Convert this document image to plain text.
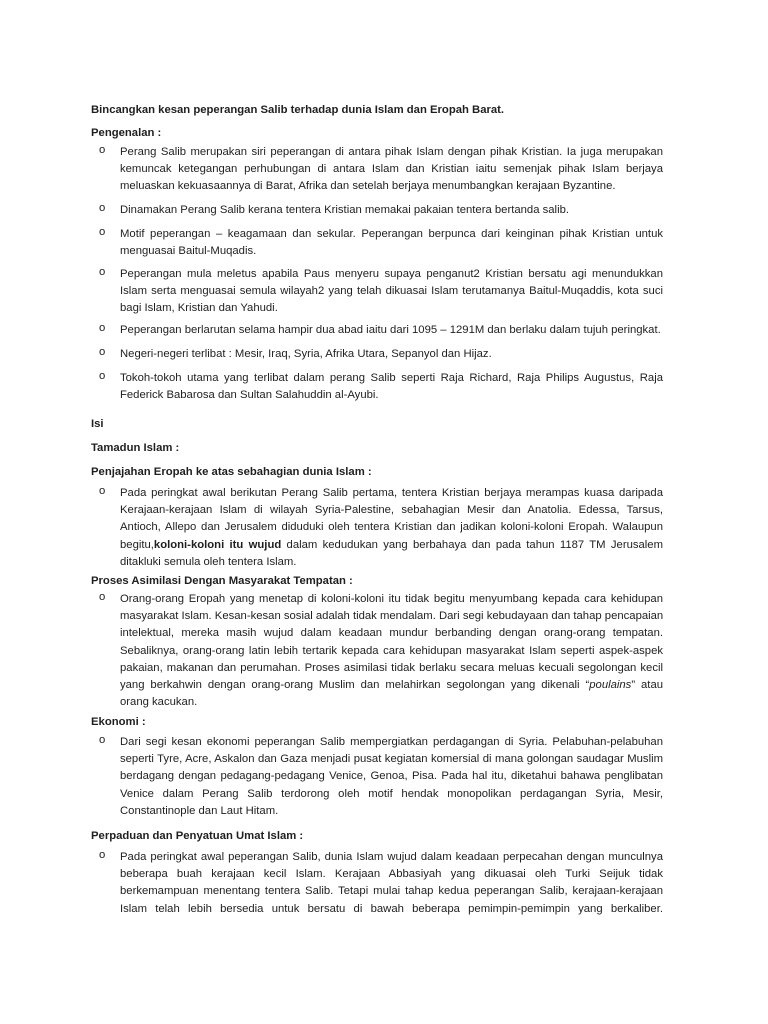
Bincangkan kesan peperangan Salib terhadap dunia Islam dan Eropah Barat.
Pengenalan :
o Perang Salib merupakan siri peperangan di antara pihak Islam dengan pihak Kristian. Ia juga merupakan
kemuncak ketegangan perhubungan di antara Islam dan Kristian iaitu semenjak pihak Islam berjaya
meluaskan kekuasaannya di Barat, Afrika dan setelah berjaya menumbangkan kerajaan Byzantine.
o Dinamakan Perang Salib kerana tentera Kristian memakai pakaian tentera bertanda salib.
o Motif peperangan – keagamaan dan sekular. Peperangan berpunca dari keinginan pihak Kristian untuk
menguasai Baitul-Muqadis.
o Peperangan mula meletus apabila Paus menyeru supaya penganut2 Kristian bersatu agi menundukkan
Islam serta menguasai semula wilayah2 yang telah dikuasai Islam terutamanya Baitul-Muqaddis, kota suci
bagi Islam, Kristian dan Yahudi.
o Peperangan berlarutan selama hampir dua abad iaitu dari 1095 – 1291M dan berlaku dalam tujuh peringkat.
o Negeri-negeri terlibat : Mesir, Iraq, Syria, Afrika Utara, Sepanyol dan Hijaz.
o Tokoh-tokoh utama yang terlibat dalam perang Salib seperti Raja Richard, Raja Philips Augustus, Raja
Federick Babarosa dan Sultan Salahuddin al-Ayubi.
Isi
Tamadun Islam :
Penjajahan Eropah ke atas sebahagian dunia Islam :
o Pada peringkat awal berikutan Perang Salib pertama, tentera Kristian berjaya merampas kuasa daripada
Kerajaan-kerajaan Islam di wilayah Syria-Palestine, sebahagian Mesir dan Anatolia. Edessa, Tarsus,
Antioch, Allepo dan Jerusalem diduduki oleh tentera Kristian dan jadikan koloni-koloni Eropah. Walaupun
begitu,koloni-koloni itu wujud dalam kedudukan yang berbahaya dan pada tahun 1187 TM Jerusalem
ditakluki semula oleh tentera Islam.
Proses Asimilasi Dengan Masyarakat Tempatan :
o Orang-orang Eropah yang menetap di koloni-koloni itu tidak begitu menyumbang kepada cara kehidupan
masyarakat Islam. Kesan-kesan sosial adalah tidak mendalam. Dari segi kebudayaan dan tahap pencapaian
intelektual, mereka masih wujud dalam keadaan mundur berbanding dengan orang-orang tempatan.
Sebaliknya, orang-orang latin lebih tertarik kepada cara kehidupan masyarakat Islam seperti aspek-aspek
pakaian, makanan dan perumahan. Proses asimilasi tidak berlaku secara meluas kecuali segolongan kecil
yang berkahwin dengan orang-orang Muslim dan melahirkan segolongan yang dikenali “poulains” atau
orang kacukan.
Ekonomi :
o Dari segi kesan ekonomi peperangan Salib mempergiatkan perdagangan di Syria. Pelabuhan-pelabuhan
seperti Tyre, Acre, Askalon dan Gaza menjadi pusat kegiatan komersial di mana golongan saudagar Muslim
berdagang dengan pedagang-pedagang Venice, Genoa, Pisa. Pada hal itu, diketahui bahawa penglibatan
Venice dalam Perang Salib terdorong oleh motif hendak monopolikan perdagangan Syria, Mesir,
Constantinople dan Laut Hitam.
Perpaduan dan Penyatuan Umat Islam :
o Pada peringkat awal peperangan Salib, dunia Islam wujud dalam keadaan perpecahan dengan munculnya
beberapa buah kerajaan kecil Islam. Kerajaan Abbasiyah yang dikuasai oleh Turki Seijuk tidak
berkemampuan menentang tentera Salib. Tetapi mulai tahap kedua peperangan Salib, kerajaan-kerajaan
Islam telah lebih bersedia untuk bersatu di bawah beberapa pemimpin-pemimpin yang berkaliber.
